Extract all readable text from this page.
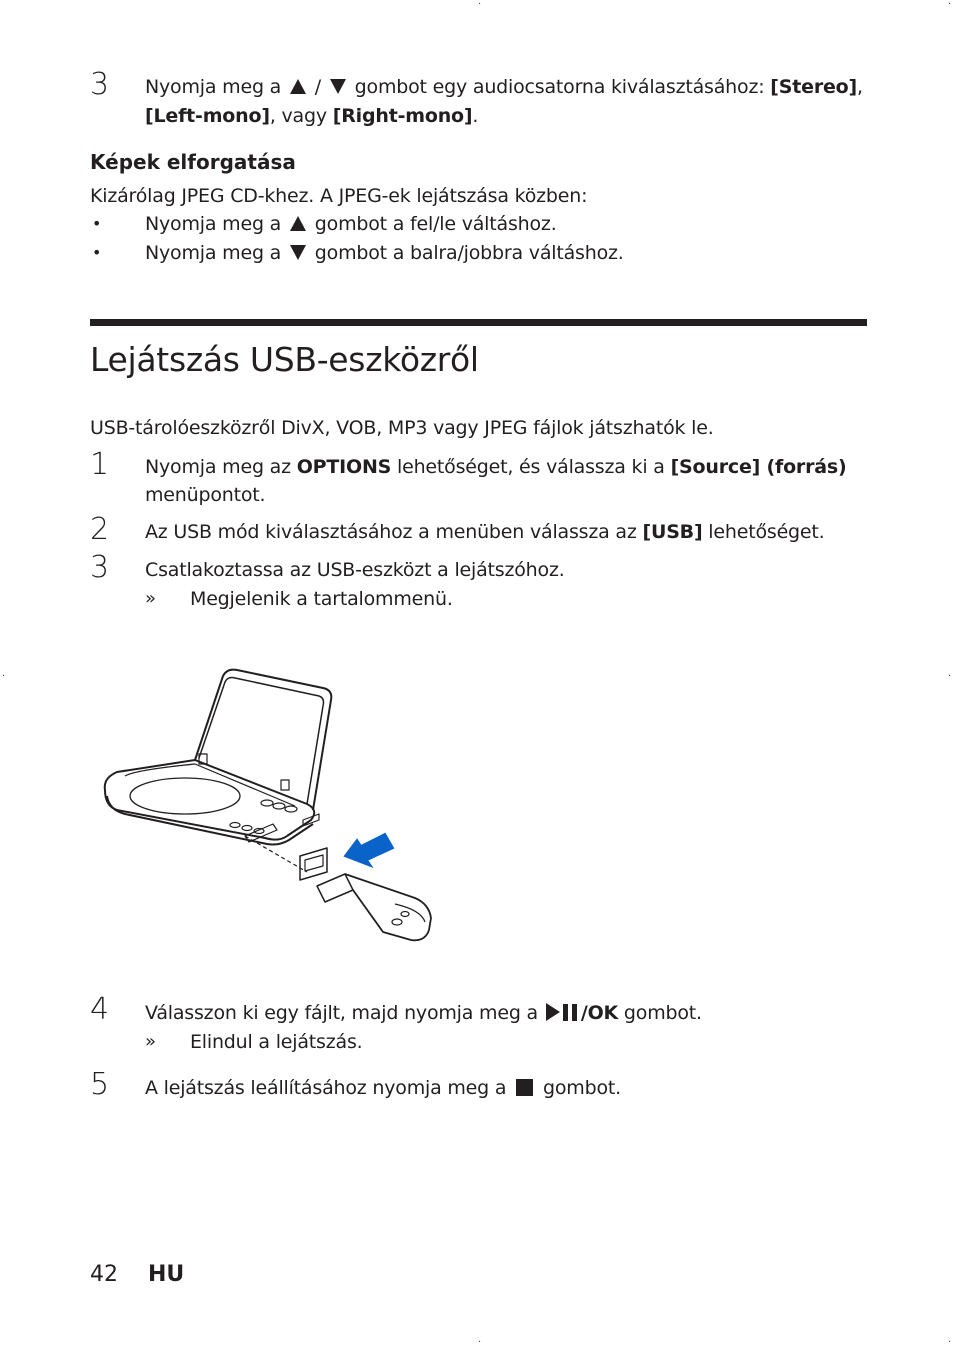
·	·
·	·
·	·
3 Nyomja meg a / gombot egy audiocsatorna kiválasztásához: [Stereo],
[Left-mono], vagy [Right-mono].
Képek elforgatása
Kizárólag JPEG CD-khez. A JPEG-ek lejátszása közben:
• Nyomja meg a gombot a fel/le váltáshoz.
• Nyomja meg a gombot a balra/jobbra váltáshoz.
Lejátszás USB-eszközről
USB-tárolóeszközről DivX, VOB, MP3 vagy JPEG fájlok játszhatók le.
1 Nyomja meg az OPTIONS lehetőséget, és válassza ki a [Source] (forrás)
menüpontot.
2 Az USB mód kiválasztásához a menüben válassza az [USB] lehetőséget.
3 Csatlakoztassa az USB-eszközt a lejátszóhoz.
» Megjelenik a tartalommenü.
4 Válasszon ki egy fájlt, majd nyomja meg a /OK gombot.
» Elindul a lejátszás.
5 A lejátszás leállításához nyomja meg a gombot.
42 HU
